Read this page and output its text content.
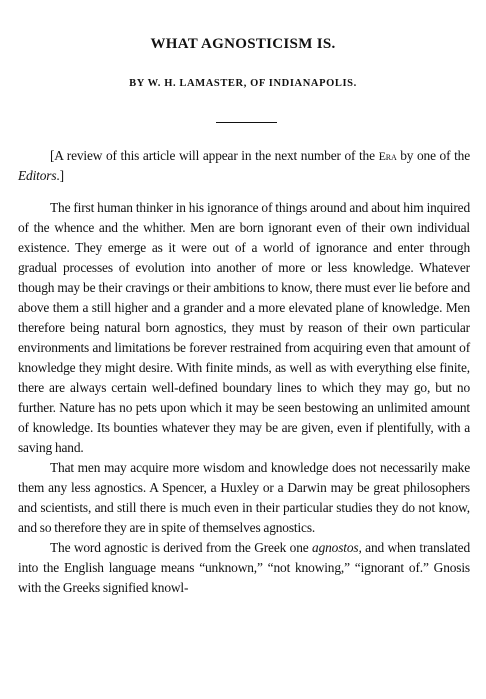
WHAT AGNOSTICISM IS.
BY W. H. LAMASTER, OF INDIANAPOLIS.

[A review of this article will appear in the next number of the Era by one of the Editors.]

The first human thinker in his ignorance of things around and about him inquired of the whence and the whither. Men are born ignorant even of their own individual existence. They emerge as it were out of a world of ignorance and enter through gradual processes of evolution into another of more or less knowledge. Whatever though may be their cravings or their ambitions to know, there must ever lie before and above them a still higher and a grander and a more elevated plane of knowledge. Men therefore being natural born agnostics, they must by reason of their own particular environments and limitations be forever restrained from acquiring even that amount of knowledge they might desire. With finite minds, as well as with everything else finite, there are always certain well-defined boundary lines to which they may go, but no further. Nature has no pets upon which it may be seen bestowing an unlimited amount of knowledge. Its bounties whatever they may be are given, even if plentifully, with a saving hand.

That men may acquire more wisdom and knowledge does not necessarily make them any less agnostics. A Spencer, a Huxley or a Darwin may be great philosophers and scientists, and still there is much even in their particular studies they do not know, and so therefore they are in spite of themselves agnostics.

The word agnostic is derived from the Greek one agnostos, and when translated into the English language means “unknown,” “not knowing,” “ignorant of.” Gnosis with the Greeks signified knowl-
